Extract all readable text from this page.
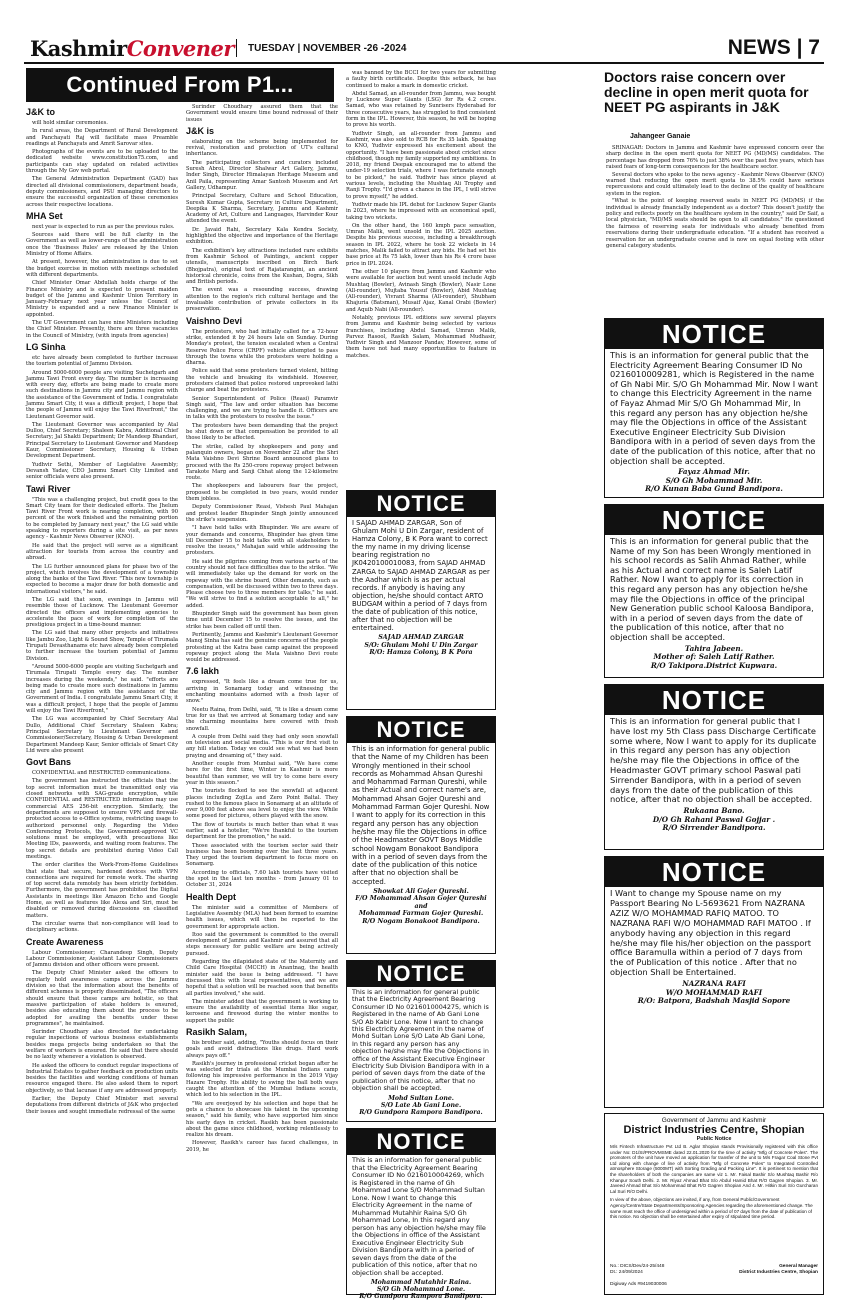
KashmirConvener TUESDAY | NOVEMBER -26 -2024	NEWS | 7
Continued From P1...
J&K to

will hold similar ceremonies.

In rural areas, the Department of Rural Development and Panchayati Raj will facilitate mass Preamble readings at Panchayats and Amrit Sarovar sites.

Photographs of the events are to be uploaded to the dedicated website www.constitution75.com, and participants can stay updated on related activities through the My Gov web portal.

The General Administration Department (GAD) has directed all divisional commissioners, department heads, deputy commissioners, and PSU managing directors to ensure the successful organization of these ceremonies across their respective locations.

MHA Set

next year is expected to run as per the previous rules.

Sources said there will be full clarity in the Government as well as lower-rungs of the administration once the 'Business Rules' are released by the Union Ministry of Home Affairs.

At present, however, the administration is due to set the budget exercise in motion with meetings scheduled with different departments.

Chief Minister Omar Abdullah holds charge of the Finance Ministry and is expected to present maiden budget of the Jammu and Kashmir Union Territory in January-February next year unless the Council of Ministry is expanded and a new Finance Minister is appointed.

The UT Government can have nine Ministers including the Chief Minister. Presently, there are three vacancies in the Council of Ministry, (with inputs from agencies)

LG Sinha

etc have already been completed to further increase the tourism potential of Jammu Division.

Around 5000-6000 people are visiting Suchetgarh and Jammu Tawi Front every day. The number is increasing with every day, efforts are being made to create more such destinations in Jammu city and Jammu region with the assistance of the Government of India. I congratulate Jammu Smart City, it was a difficult project, I hope that the people of Jammu will enjoy the Tawi Riverfront," the Lieutenant Governor said.

The Lieutenant Governor was accompanied by Atal Dulloo, Chief Secretary; Shaleen Kabra, Additional Chief Secretary; Jal Shakti Department; Dr Mandeep Bhandari, Principal Secretary to Lieutenant Governor and Mandeep Kaur, Commissioner Secretary, Housing & Urban Development Department.

Yudhvir Sethi, Member of Legislative Assembly; Devansh Yadav, CEO Jammu Smart City Limited and senior officials were also present.

Tawi River

"This was a challenging project, but credit goes to the Smart City team for their dedicated efforts. The Jhelum Tawi River Front work is nearing completion, with 90 percent of the work finished and the remaining portion to be completed by January next year," the LG said while speaking to reporters during a site visit, as per news agency - Kashmir News Observer (KNO).

He said that the project will serve as a significant attraction for tourists from across the country and abroad.

The LG further announced plans for phase two of the project, which involves the development of a township along the banks of the Tawi River. "This new township is expected to become a major draw for both domestic and international visitors," he said.

The LG said that soon, evenings in Jammu will resemble those of Lucknow. The Lieutenant Governor directed the officers and implementing agencies to accelerate the pace of work for completion of the prestigious project in a time-bound manner.

The LG said that many other projects and initiatives like Jambu Zoo, Light & Sound Show, Temple of Tirumala Tirupati Devasthanams etc have already been completed to further increase the tourism potential of Jammu Division.

"Around 5000-6000 people are visiting Suchetgarh and Tirumala Tirupati Temple every day. The number increases during the weekends," he said. "efforts are being made to create more such destinations in Jammu city and Jammu region with the assistance of the Government of India. I congratulate Jammu Smart City, it was a difficult project, I hope that the people of Jammu will enjoy the Tawi Riverfront,"

The LG was accompanied by Chief Secretary Atal Dullo, Additional Chief Secretary Shaleen Kabra; Principal Secretary to Lieutenant Governor and Commissioner/Secretary, Housing & Urban Development Department Mandeep Kaur, Senior officials of Smart City Ltd were also present

Govt Bans

CONFIDENTIAL and RESTRICTED communications.

The government has instructed the officials that the top secret information must be transmitted only via closed networks with SAG-grade encryption, while CONFIDENTIAL and RESTRICTED information may use commercial AES 256-bit encryption. Similarly, the departments are supposed to ensure VPN and firewall-protected access to e-Office systems, restricting usage to authorized personnel only. Regarding the Video Conferencing Protocols, the Government-approved VC solutions must be employed, with precautions like Meeting IDs, passwords, and waiting room features. The top secret details are prohibited during Video Call meetings.

The order clarifies the Work-From-Home Guidelines that state that secure, hardened devices with VPN connections are required for remote work. The sharing of top secret data remotely has been strictly forbidden. Furthermore, the government has prohibited the Digital Assistants in meetings like Amazon Echo and Google Home, as well as features like Alexa and Siri, must be disabled or removed during discussions on classified matters.

The circular warns that non-compliance will lead to disciplinary actions.

Create Awareness

Labour Commissioner; Charandeep Singh, Deputy Labour Commissioner, Assistant Labour Commissioners of Jammu division and other officers were present.

The Deputy Chief Minister asked the officers to regularly hold awareness camps across the Jammu division so that the information about the benefits of different schemes is properly disseminated, "The officers should ensure that these camps are holistic, so that massive participation of stake holders is ensured, besides also educating them about the process to be adopted for availing the benefits under these programmes", he maintained.

Surinder Choudhary also directed for undertaking regular inspections of various business establishments besides mega projects being undertaken so that the welfare of workers is ensured. He said that there should be no laxity whenever a violation is observed.

He asked the officers to conduct regular inspections of Industrial Estates to gather feedback on production units besides the facilities and working conditions of human resource engaged there. He also asked them to report objectively, so that lacunae if any are addressed properly.

Earlier, the Deputy Chief Minister met several deputations from different districts of J&K who projected their issues and sought immediate redressal of the same

Surinder Choudhary assured them that the Government would ensure time bound redressal of their issues

J&K is

elaborating on the scheme being implemented for revival, restoration and protection of UT's cultural inheritance.

The participating collectors and curators included Suresh Abrol, Director Shalwar Art Gallery, Jammu, Inder Singh, Director Himalayan Heritage Museum and Anil Paila, representing Amar Santosh Museum and Art Gallery, Udhampur.

Principal Secretary, Culture and School Education, Suresh Kumar Gupta, Secretary in Culture Department, Deepika K Sharma, Secretary, Jammu and Kashmir Academy of Art, Culture and Languages, Harvinder Kour attended the event.

Dr. Javaid Rahi, Secretary Kala Kendra Society, highlighted the objective and importance of the Heritage exhibition.

The exhibition's key attractions included rare exhibits from Kashmir School of Paintings, ancient copper utensils, manuscripts inscribed on Birch Bark (Bhojpatra), original text of Rajatarangini, an ancient historical chronicle, coins from the Kushan, Dogra, Sikh and British periods.

The event was a resounding success, drawing attention to the region's rich cultural heritage and the invaluable contribution of private collectors in its preservation.

Vaishno Devi

The protesters, who had initially called for a 72-hour strike, extended it by 24 hours late on Sunday. During Monday's protest, the tension escalated when a Central Reserve Police Force (CRPF) vehicle attempted to pass through the towns while the protesters were holding a dharna.

Police said that some protesters turned violent, hitting the vehicle and breaking its windshield. However, protesters claimed that police restored unprovoked lathi charge and beat the protesters.

Senior Superintendent of Police (Reasi) Paramvir Singh said, "The law and order situation has become challenging, and we are trying to handle it. Officers are in talks with the protesters to resolve the issue."

The protesters have been demanding that the project be shut down or that compensation be provided to all those likely to be affected.

The strike, called by shopkeepers and pony and palanquin owners, began on November 22 after the Shri Mata Vaishno Devi Shrine Board announced plans to proceed with the Rs 250-crore ropeway project between Tarakote Marg and Sanji Chhat along the 12-kilometre route.

The shopkeepers and labourers fear the project, proposed to be completed in two years, would render them jobless.

Deputy Commissioner Reasi, Vishesh Paul Mahajan and protest leader Bhupinder Singh jointly announced the strike's suspension.

"I have held talks with Bhupinder. We are aware of your demands and concerns, Bhupinder has given time till December 15 to hold talks with all stakeholders to resolve the issues," Mahajan said while addressing the protesters.

He said the pilgrims coming from various parts of the country should not face difficulties due to the strike. "We will immediately take up the demand for work on the ropeway with the shrine board, Other demands, such as compensation, will be discussed within two to three days. Please choose two to three members for talks," he said. "We will strive to find a solution acceptable to all," he added.

Bhupinder Singh said the government has been given time until December 15 to resolve the issues, and the strike has been called off until then.

Pertinently, Jammu and Kashmir's Lieutenant Governor Manoj Sinha has said the genuine concerns of the people protesting at the Katra base camp against the proposed ropeway project along the Mata Vaishno Devi route would be addressed.

7.6 lakh

expressed, "It feels like a dream come true for us, arriving in Sonamarg today and witnessing the enchanting mountains adorned with a fresh layer of snow."

Neetu Raina, from Delhi, said, "It is like a dream come true for us that we arrived at Sonamarg today and saw the charming mountains here covered with fresh snowfall.

A couple from Delhi said they had only seen snowfall on television and social media. "This is our first visit to any hill station. Today we could see what we had been praying and dreaming of," they said.

Another couple from Mumbai said, "We have come here for the first time, Winter in Kashmir is more beautiful than summer, we will try to come here every year in this season."

The tourists flocked to see the snowfall at adjacent places including ZojiLa and Zero Point Baltal. They rushed to the famous place in Sonamarg at an altitude of over 9,000 feet above sea level to enjoy the view. While some posed for pictures, others played with the snow.

The flow of tourists is much better than what it was earlier, said a hotelier, "We're thankful to the tourism department for the promotion," he said.

Those associated with the tourism sector said their business has been booming over the last three years. They urged the tourism department to focus more on Sonamarg.

According to officials, 7.60 lakh tourists have visited the spot in the last ten months - from January 01 to October 31, 2024

Health Dept

The minister said a committee of Members of Legislative Assembly (MLA) had been formed to examine health issues, which will then be reported to the government for appropriate action.

Itoo said the government is committed to the overall development of Jammu and Kashmir and assured that all steps necessary for public welfare are being actively pursued.

Regarding the dilapidated state of the Maternity and Child Care Hospital (MCCH) in Anantnag, the health minister said the issue is being addressed. "I have discussed this with local representatives, and we are hopeful that a solution will be reached soon that benefits all parties involved," she said.

The minister added that the government is working to ensure the availability of essential items like sugar, kerosene and firewood during the winter months to support the public

Rasikh Salam,

his brother said, adding, "Youths should focus on their goals and avoid distractions like drugs. Hard work always pays off."

Rasikh's journey in professional cricket began after he was selected for trials at the Mumbai Indians camp following his impressive performance in the 2019 Vijay Hazare Trophy. His ability to swing the ball both ways caught the attention of the Mumbai Indians scouts, which led to his selection in the IPL.

"We are overjoyed by his selection and hope that he gets a chance to showcase his talent in the upcoming season," said his family, who have supported him since his early days in cricket. Rasikh has been passionate about the game since childhood, working relentlessly to realize his dream.

However, Rasikh's career has faced challenges, in 2019, he

was banned by the BCCI for two years for submitting a faulty birth certificate. Despite this setback, he has continued to make a mark in domestic cricket.

Abdul Samad, an all-rounder from Jammu, was bought by Lucknow Super Giants (LSG) for Rs 4.2 crore. Samad, who was retained by Sunrisers Hyderabad for three consecutive years, has struggled to find consistent form in the IPL. However, this season, he will be hoping to prove his worth.

Yudhvir Singh, an all-rounder from Jammu and Kashmir, was also sold to RCB for Rs 35 lakh. Speaking to KNO, Yudhvir expressed his excitement about the opportunity. "I have been passionate about cricket since childhood, though my family supported my ambitions. In 2018, my friend Deepak encouraged me to attend the under-19 selection trials, where I was fortunate enough to be picked," he said. Yudhvir has since played at various levels, including the Mushtaq Ali Trophy and Ranji Trophy. "I'd given a chance in the IPL, I will strive to prove myself," he added.

Yudhvir made his IPL debut for Lucknow Super Giants in 2023, where he impressed with an economical spell, taking two wickets.

On the other hand, the 160 kmph pace sensation, Umran Malik, went unsold in the IPL 2025 auction. Despite his previous success, including a breakthrough season in IPL 2022, where he took 22 wickets in 14 matches, Malik failed to attract any bids. He had set his base price at Rs 75 lakh, lower than his Rs 4 crore base price in IPL 2024.

The other 10 players from Jammu and Kashmir who were available for auction but went unsold include Aqib Mushtaq (Bowler), Avinash Singh (Bowler), Nasir Lone (All-rounder), Mujtaba Yousuf (Bowler), Abid Mushtaq (All-rounder), Vivrant Sharma (All-rounder), Shubham Khajuria (Batsman), Musaif Ajaz, Kanal Orabi (Bowler) and Aquib Nabi (All-rounder).

Notably, previous IPL editions saw several players from Jammu and Kashmir being selected by various franchises, including Abdul Samad, Umran Malik, Parvez Rasool, Rasikh Salam, Mohammad Mudhasir, Yudhvir Singh and Manzoor Pandav, However, some of them have not had many opportunities to feature in matches.

NOTICE
I SAJAD AHMAD ZARGAR, Son of Ghulam Mohi U Din Zargar, resident of Hamza Colony, B K Pora want to correct the my name in my driving license bearing registration no JK0420100010083, from SAJAD AHMAD ZARGA to SAJAD AHMAD ZARGAR as per the Aadhar which is as per actual records. If anybody is having any objection, he/she should contact ARTO BUDGAM within a period of 7 days from the date of publication of this notice, after that no objection will be entertained.
SAJAD AHMAD ZARGAR
S/O: Ghulam Mohi U Din Zargar
R/O: Hamza Colony, B K Pora
NOTICE
This is an information for general public that the Name of my Children has been Wrongly mentioned in their school records as Mohammad Ahsan Qureshi and Mohammad Farman Qureshi, while as their Actual and correct name's are, Mohammad Ahsan Gojer Qureshi and Mohammad Farman Gojer Qureshi. Now I want to apply for its correction in this regard any person has any objection he/she may file the Objections in office of the Headmaster GOVT Boys Middle school Nowgam Bonakoot Bandipora with in a period of seven days from the date of the publication of this notice after that no objection shall be accepted.
Showkat Ali Gojer Qureshi.
F/O Mohammad Ahsan Gojer Qureshi and
Mohammad Farman Gojer Qureshi.
R/O Nogam Bonakoot Bandipora.
NOTICE
This is an information for general public that the Electricity Agreement Bearing Consumer ID No 0216010004275, which is Registered in the name of Ab Gani Lone S/O Ab Kabir Lone. Now I want to change this Electricity Agreement in the name of Mohd Sultan Lone S/O Late Ab Gani Lone, In this regard any person has any objection he/she may file the Objections in office of the Assistant Executive Engineer Electricity Sub Division Bandipora with in a period of seven days from the date of the publication of this notice, after that no objection shall be accepted.
Mohd Sultan Lone.
S/O Late Ab Gani Lone.
R/O Gundpora Rampora Bandipora.
NOTICE
This is an information for general public that the Electricity Agreement Bearing Consumer ID No 0216010004269, which is Registered in the name of Gh Mohammad Lone S/O Mohammad Sultan Lone. Now I want to change this Electricity Agreement in the name of Muhammad Mutahhir Raina S/O Gh Mohammad Lone, In this regard any person has any objection he/she may file the Objections in office of the Assistant Executive Engineer Electricity Sub Division Bandipora with in a period of seven days from the date of the publication of this notice, after that no objection shall be accepted.
Mohammad Mutahhir Raina.
S/O Gh Mohammad Lone.
R/O Gundpora Rampora Bandipora.
NOTICE
This is an information for general public that the Electricity Agreement Bearing Consumer ID No 0216010009281, which is Registered in the name of Gh Nabi Mir. S/O Gh Mohammad Mir. Now I want to change this Electricity Agreement in the name of Fayaz Ahmad Mir S/O Gh Mohammad Mir, In this regard any person has any objection he/she may file the Objections in office of the Assistant Executive Engineer Electricity Sub Division Bandipora with in a period of seven days from the date of the publication of this notice, after that no objection shall be accepted.
Fayaz Ahmad Mir.
S/O Gh Mohammad Mir.
R/O Kunan Baba Gund Bandipora.
NOTICE
This is an information for general public that the Name of my Son has been Wrongly mentioned in his school records as Salih Ahmad Rather, while as his Actual and correct name is Saleh Latif Rather. Now I want to apply for its correction in this regard any person has any objection he/she may file the Objections in office of the principal New Generation public school Kaloosa Bandipora, with in a period of seven days from the date of the publication of this notice, after that no objection shall be accepted.
Tahira Jabeen.
Mother of: Saleh Latif Rather.
R/O Takipora.District Kupwara.
NOTICE
This is an information for general public that I have lost my 5th Class pass Discharge Certificate some where, Now I want to apply for its duplicate in this regard any person has any objection he/she may file the Objections in office of the Headmaster GOVT primary school Paswal pati Sirrender Bandipora, with in a period of seven days from the date of the publication of this notice, after that no objection shall be accepted.
Rukaana Bano.
D/O Gh Rahani Paswal Gojjar .
R/O Sirrender Bandipora.
NOTICE
I Want to change my Spouse name on my Passport Bearing No L-5693621 From NAZRANA AZIZ W/O MOHAMMAD RAFIQ MATOO. TO NAZRANA RAFI W/O MOHAMMAD RAFI MATOO . If anybody having any objection in this regard he/she may file his/her objection on the passport office Baramulla within a period of 7 days from the of Publication of this notice . After that no objection Shall be Entertained.
NAZRANA RAFI
W/O MOHAMMAD RAFI
R/O: Batpora, Badshah Masjid Sopore
Doctors raise concern over decline in open merit quota for NEET PG aspirants in J&K
Jahangeer Ganaie

SRINAGAR: Doctors in Jammu and Kashmir have expressed concern over the sharp decline in the open merit quota for NEET PG (MD/MS) candidates. The percentage has dropped from 76% to just 38% over the past five years, which has raised fears of long-term consequences for the healthcare sector.

Several doctors who spoke to the news agency - Kashmir News Observer (KNO) warned that reducing the open merit quota to 38.5% could have serious repercussions and could ultimately lead to the decline of the quality of healthcare system in the region.

"What is the point of keeping reserved seats in NEET PG (MD/MS) if the individual is already financially independent as a doctor? This doesn't justify the policy and reflects poorly on the healthcare system in the country," said Dr Saif, a local physician, "MD/MS seats should be open to all candidates." He questioned the fairness of reserving seats for individuals who already benefited from reservations during their undergraduate education. "If a student has received a reservation for an undergraduate course and is now on equal footing with other general category students.

Government of Jammu and Kashmir
District Industries Centre, Shopian
Public Notice
M/s Fintech Infrastructure Pvt Ltd B. Aglar Shopian stands Provisionally registered with this office under No: D1/SI/PROVMSME dated 22.01.2020 for the time of activity "Mfg of Concrete Poles". The promoters of the unit have moved an application for transfer of the unit to M/s Fragar Coal Stone Pvt Ltd along with change of line of activity from "Mfg of Concrete Poles" to Integrated Controlled atmosphere Storage (5000MT) with Sorting Grading and Packing Line". It is pertinent to mention that the shareholders of both the companies are same viz 1. Mr. Faisal Bashir S/o Mushtaq Bashir R/o Khanpur South Delhi. 2. Mr. Riyaz Ahmad Bhat S/o Abdul Hamid Bhat R/O Gagren Shopian. 3. Mr. Javeed Ahmad Bhat S/o Mohammad Bhat R/O Gagren Shopian And 4. Mr. Hitkin Suri S/o Gurcharan Lal Suri R/O Delhi.
In view of the above, objections are invited, if any, from General Public/Government Agency/Centre/State Departments/Sponsoring Agencies regarding the aforementioned change. The same must reach the office of undersigned within a period of 07 days from the date of publication of this notice. No objection shall be entertained after expiry of stipulated time period.
No.: DICS/Dev/24-25/448
Dt.: 24/09/2024
Digiway Ads #9419030006
General Manager
District Industries Centre, Shopian
